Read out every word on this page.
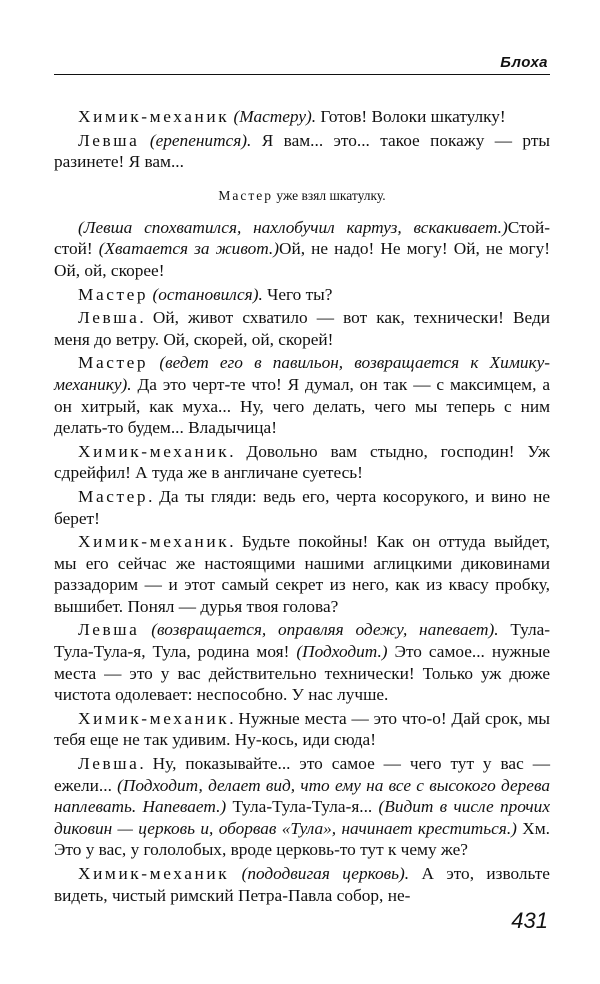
Блоха

Химик-механик (Мастеру). Готов! Волоки шкатулку!

Левша (ерепенится). Я вам... это... такое покажу — рты разинете! Я вам...

Мастер уже взял шкатулку.

(Левша спохватился, нахлобучил картуз, вскакивает.)Стой-стой! (Хватается за живот.)Ой, не надо! Не могу! Ой, не могу! Ой, ой, скорее!

Мастер (остановился). Чего ты?

Левша. Ой, живот схватило — вот как, технически! Веди меня до ветру. Ой, скорей, ой, скорей!

Мастер (ведет его в павильон, возвращается к Химику-механику). Да это черт-те что! Я думал, он так — с максимцем, а он хитрый, как муха... Ну, чего делать, чего мы теперь с ним делать-то будем... Владычица!

Химик-механик. Довольно вам стыдно, господин! Уж сдрейфил! А туда же в англичане суетесь!

Мастер. Да ты гляди: ведь его, черта косорукого, и вино не берет!

Химик-механик. Будьте покойны! Как он оттуда выйдет, мы его сейчас же настоящими нашими аглицкими диковинами раззадорим — и этот самый секрет из него, как из квасу пробку, вышибет. Понял — дурья твоя голова?

Левша (возвращается, оправляя одежу, напевает). Тула-Тула-Тула-я, Тула, родина моя! (Подходит.) Это самое... нужные места — это у вас действительно технически! Только уж дюже чистота одолевает: неспособно. У нас лучше.

Химик-механик. Нужные места — это что-о! Дай срок, мы тебя еще не так удивим. Ну-кось, иди сюда!

Левша. Ну, показывайте... это самое — чего тут у вас — ежели... (Подходит, делает вид, что ему на все с высокого дерева наплевать. Напевает.) Тула-Тула-Тула-я... (Видит в числе прочих диковин — церковь и, оборвав «Тула», начинает креститься.) Хм. Это у вас, у гололобых, вроде церковь-то тут к чему же?

Химик-механик (пододвигая церковь). А это, извольте видеть, чистый римский Петра-Павла собор, не-

431
